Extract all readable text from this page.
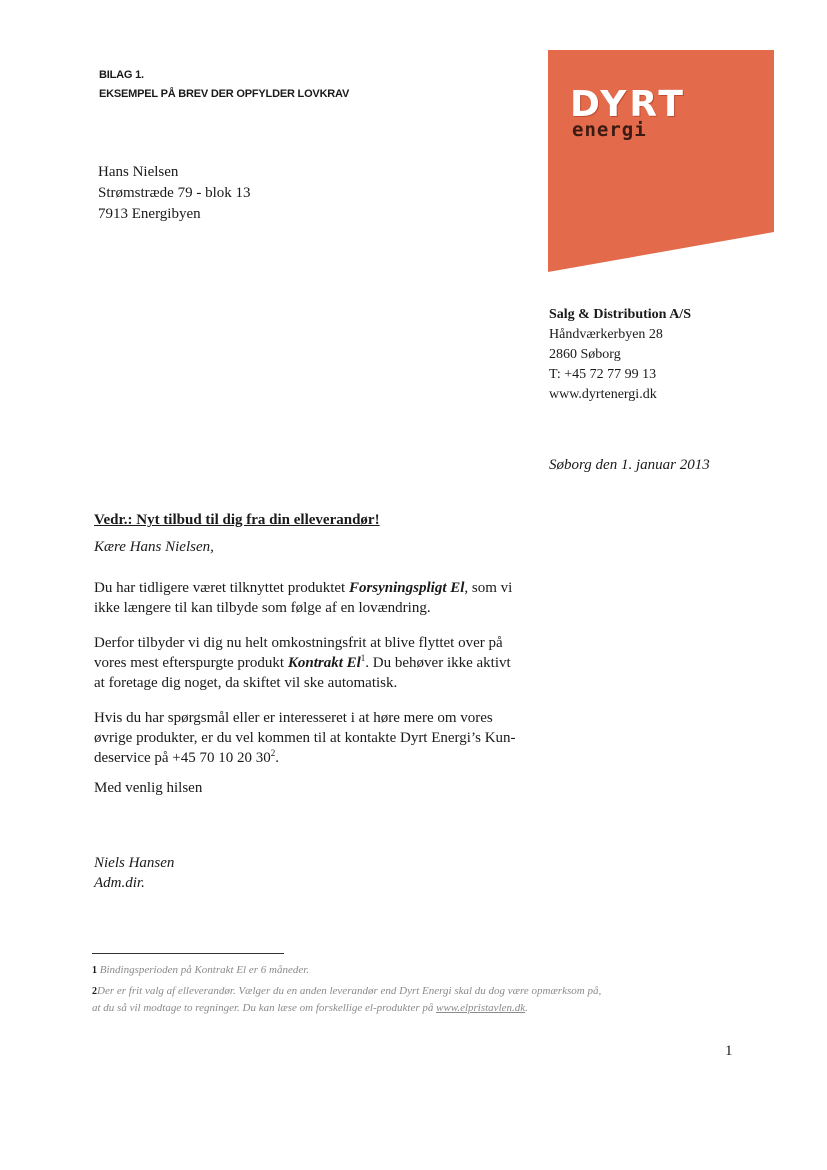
BILAG 1.
EKSEMPEL PÅ BREV DER OPFYLDER LOVKRAV	DYRT
energi
Hans Nielsen
Strømstræde 79 - blok 13
7913 Energibyen
Salg & Distribution A/S
Håndværkerbyen 28
2860 Søborg
T: +45 72 77 99 13
www.dyrtenergi.dk
Søborg den 1. januar 2013
Vedr.: Nyt tilbud til dig fra din elleverandør!
Kære Hans Nielsen,
Du har tidligere været tilknyttet produktet Forsyningspligt El, som vi
ikke længere til kan tilbyde som følge af en lovændring.
Derfor tilbyder vi dig nu helt omkostningsfrit at blive flyttet over på
vores mest efterspurgte produkt Kontrakt El$^1$. Du behøver ikke aktivt
at foretage dig noget, da skiftet vil ske automatisk.
Hvis du har spørgsmål eller er interesseret i at høre mere om vores
øvrige produkter, er du vel kommen til at kontakte Dyrt Energi’s Kun-
deservice på +45 70 10 20 $30^2$.
Med venlig hilsen
Niels Hansen
Adm.dir.
1 Bindingsperioden på Kontrakt El er 6 måneder.
2Der er frit valg af elleverandør. Vælger du en anden leverandør end Dyrt Energi skal du dog være opmærksom på,
at du så vil modtage to regninger. Du kan læse om forskellige el-produkter på www.elpristavlen.dk.
1
